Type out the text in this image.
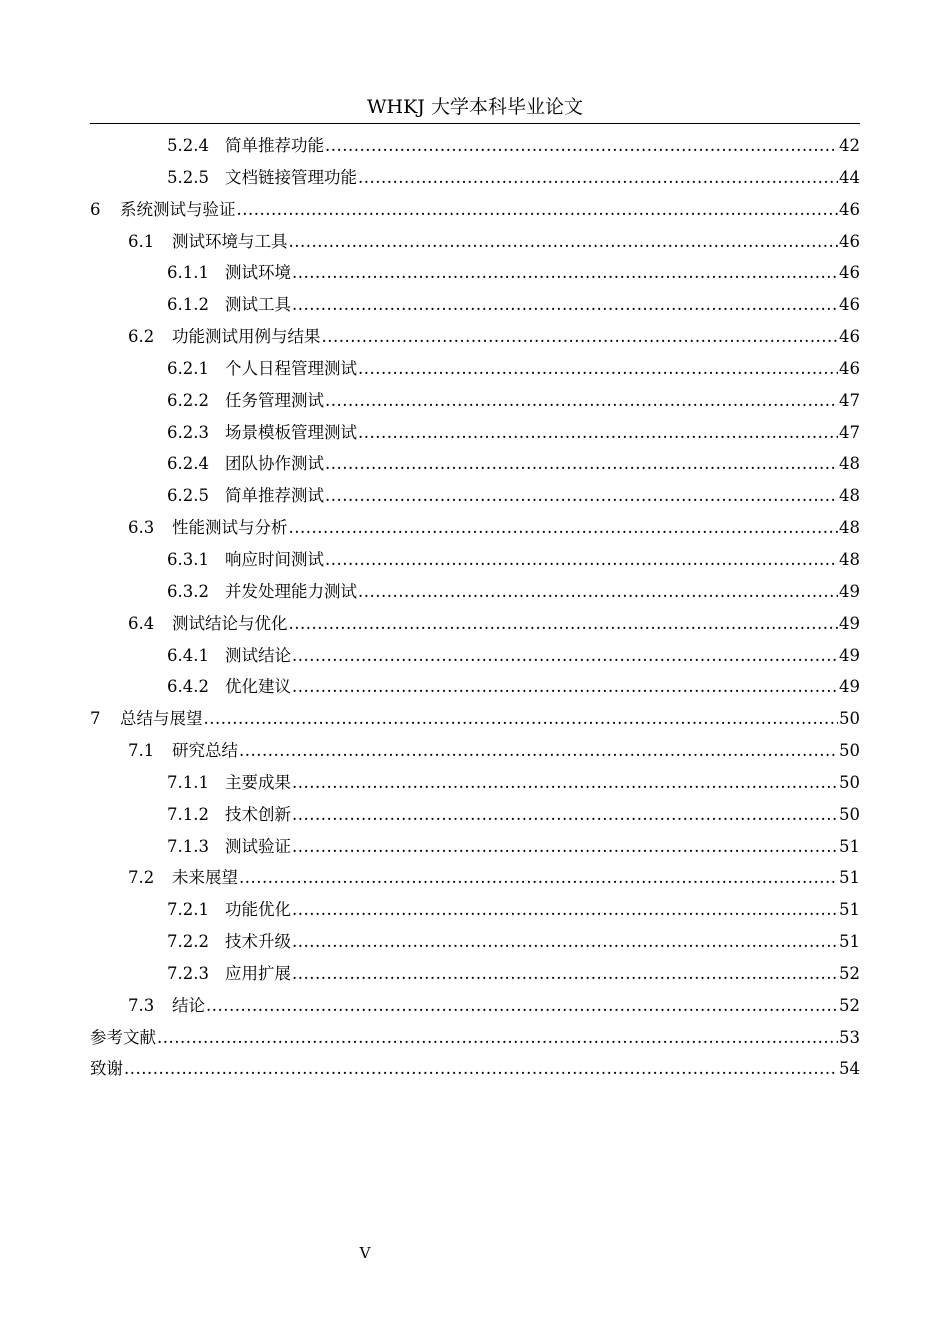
WHKJ 大学本科毕业论文
5.2.4 简单推荐功能 .....	42
5.2.5 文档链接管理功能 .....	44
6	系统测试与验证 .....	46
6.1	测试环境与工具 .....	46
6.1.1 测试环境 .....	46
6.1.2 测试工具 .....	46
6.2	功能测试用例与结果 .....	46
6.2.1 个人日程管理测试 .....	46
6.2.2 任务管理测试 .....	47
6.2.3 场景模板管理测试 .....	47
6.2.4 团队协作测试 .....	48
6.2.5 简单推荐测试 .....	48
6.3	性能测试与分析 .....	48
6.3.1 响应时间测试 .....	48
6.3.2 并发处理能力测试 .....	49
6.4	测试结论与优化 .....	49
6.4.1 测试结论 .....	49
6.4.2 优化建议 .....	49
7	总结与展望 .....	50
7.1	研究总结 .....	50
7.1.1 主要成果 .....	50
7.1.2 技术创新 .....	50
7.1.3 测试验证 .....	51
7.2	未来展望 .....	51
7.2.1 功能优化 .....	51
7.2.2 技术升级 .....	51
7.2.3 应用扩展 .....	52
7.3	结论 .....	52
参考文献 .....	53
致谢 .....	54
V
